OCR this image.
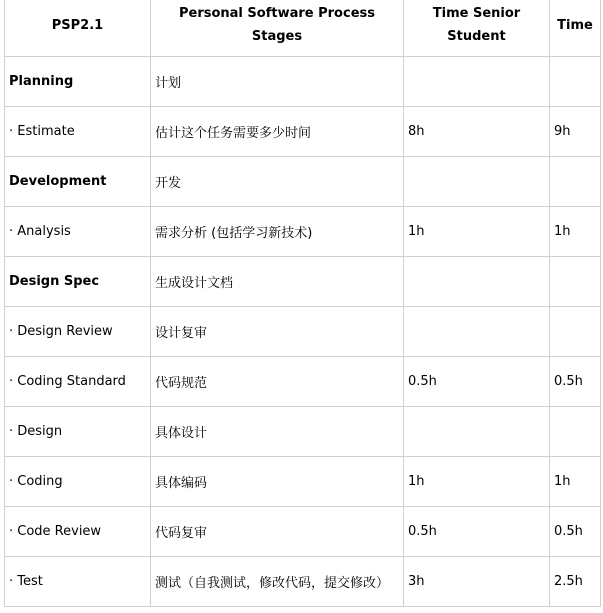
PSP2.1	Personal Software Process Stages	Time Senior Student	Time
Planning	计划		
· Estimate	估计这个任务需要多少时间	8h	9h
Development	开发		
· Analysis	需求分析 (包括学习新技术)	1h	1h
Design Spec	生成设计文档		
· Design Review	设计复审		
· Coding Standard	代码规范	0.5h	0.5h
· Design	具体设计		
· Coding	具体编码	1h	1h
· Code Review	代码复审	0.5h	0.5h
· Test	测试（自我测试，修改代码，提交修改）	3h	2.5h
